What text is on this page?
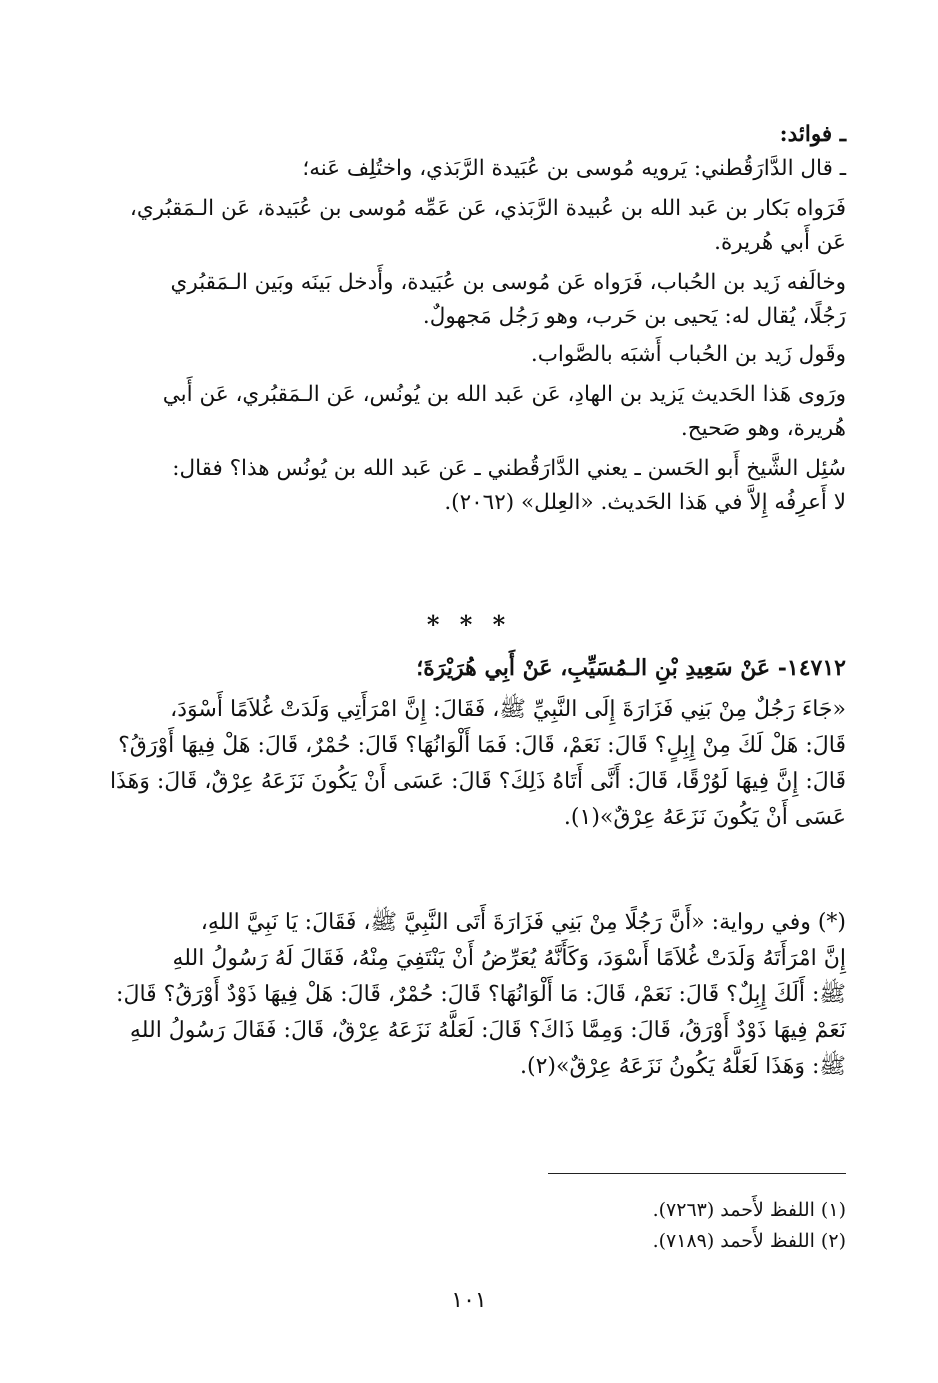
ـ فوائد:
ـ قال الدَّارَقُطني: يَرويه مُوسى بن عُبَيدة الرَّبَذي، واختُلِف عَنه؛
فَرَواه بَكار بن عَبد الله بن عُبيدة الرَّبَذي، عَن عَمِّه مُوسى بن عُبَيدة، عَن الـمَقبُري،
عَن أَبي هُريرة.
وخالَفه زَيد بن الحُباب، فَرَواه عَن مُوسى بن عُبَيدة، وأَدخل بَينَه وبَين الـمَقبُري
رَجُلًا، يُقال له: يَحيى بن حَرب، وهو رَجُل مَجهولٌ.
وقَول زَيد بن الحُباب أَشبَه بالصَّواب.
ورَوى هَذا الحَديث يَزيد بن الهادِ، عَن عَبد الله بن يُونُس، عَن الـمَقبُري، عَن أَبي
هُريرة، وهو صَحيح.
سُئِل الشَّيخ أَبو الحَسن ـ يعني الدَّارَقُطني ـ عَن عَبد الله بن يُونُس هذا؟ فقال:
لا أَعرِفُه إِلاَّ في هَذا الحَديث. «العِلل» (٢٠٦٢).
* * *
١٤٧١٢- عَنْ سَعِيدِ بْنِ الـمُسَيِّبِ، عَنْ أَبِي هُرَيْرَةَ؛
«جَاءَ رَجُلٌ مِنْ بَنِي فَزَارَةَ إِلَى النَّبِيِّ ﷺ، فَقَالَ: إِنَّ امْرَأَتِي وَلَدَتْ غُلاَمًا أَسْوَدَ،
قَالَ: هَلْ لَكَ مِنْ إِبِلٍ؟ قَالَ: نَعَمْ، قَالَ: فَمَا أَلْوَانُهَا؟ قَالَ: حُمْرٌ، قَالَ: هَلْ فِيهَا أَوْرَقُ؟
قَالَ: إِنَّ فِيهَا لَوُرْقًا، قَالَ: أَنَّى أَتَاهُ ذَلِكَ؟ قَالَ: عَسَى أَنْ يَكُونَ نَزَعَهُ عِرْقٌ، قَالَ: وَهَذَا
عَسَى أَنْ يَكُونَ نَزَعَهُ عِرْقٌ»(١).
(*) وفي رواية: «أَنَّ رَجُلًا مِنْ بَنِي فَزَارَةَ أَتَى النَّبِيَّ ﷺ، فَقَالَ: يَا نَبِيَّ اللهِ،
إِنَّ امْرَأَتَهُ وَلَدَتْ غُلاَمًا أَسْوَدَ، وَكَأَنَّهُ يُعَرِّضُ أَنْ يَنْتَفِيَ مِنْهُ، فَقَالَ لَهُ رَسُولُ اللهِ
ﷺ: أَلَكَ إِبِلٌ؟ قَالَ: نَعَمْ، قَالَ: مَا أَلْوَانُهَا؟ قَالَ: حُمْرٌ، قَالَ: هَلْ فِيهَا ذَوْدٌ أَوْرَقُ؟ قَالَ:
نَعَمْ فِيهَا ذَوْدٌ أَوْرَقُ، قَالَ: وَمِمَّا ذَاكَ؟ قَالَ: لَعَلَّهُ نَزَعَهُ عِرْقٌ، قَالَ: فَقَالَ رَسُولُ اللهِ
ﷺ: وَهَذَا لَعَلَّهُ يَكُونُ نَزَعَهُ عِرْقٌ»(٢).
(١) اللفظ لأَحمد (٧٢٦٣).
(٢) اللفظ لأَحمد (٧١٨٩).
١٠١
